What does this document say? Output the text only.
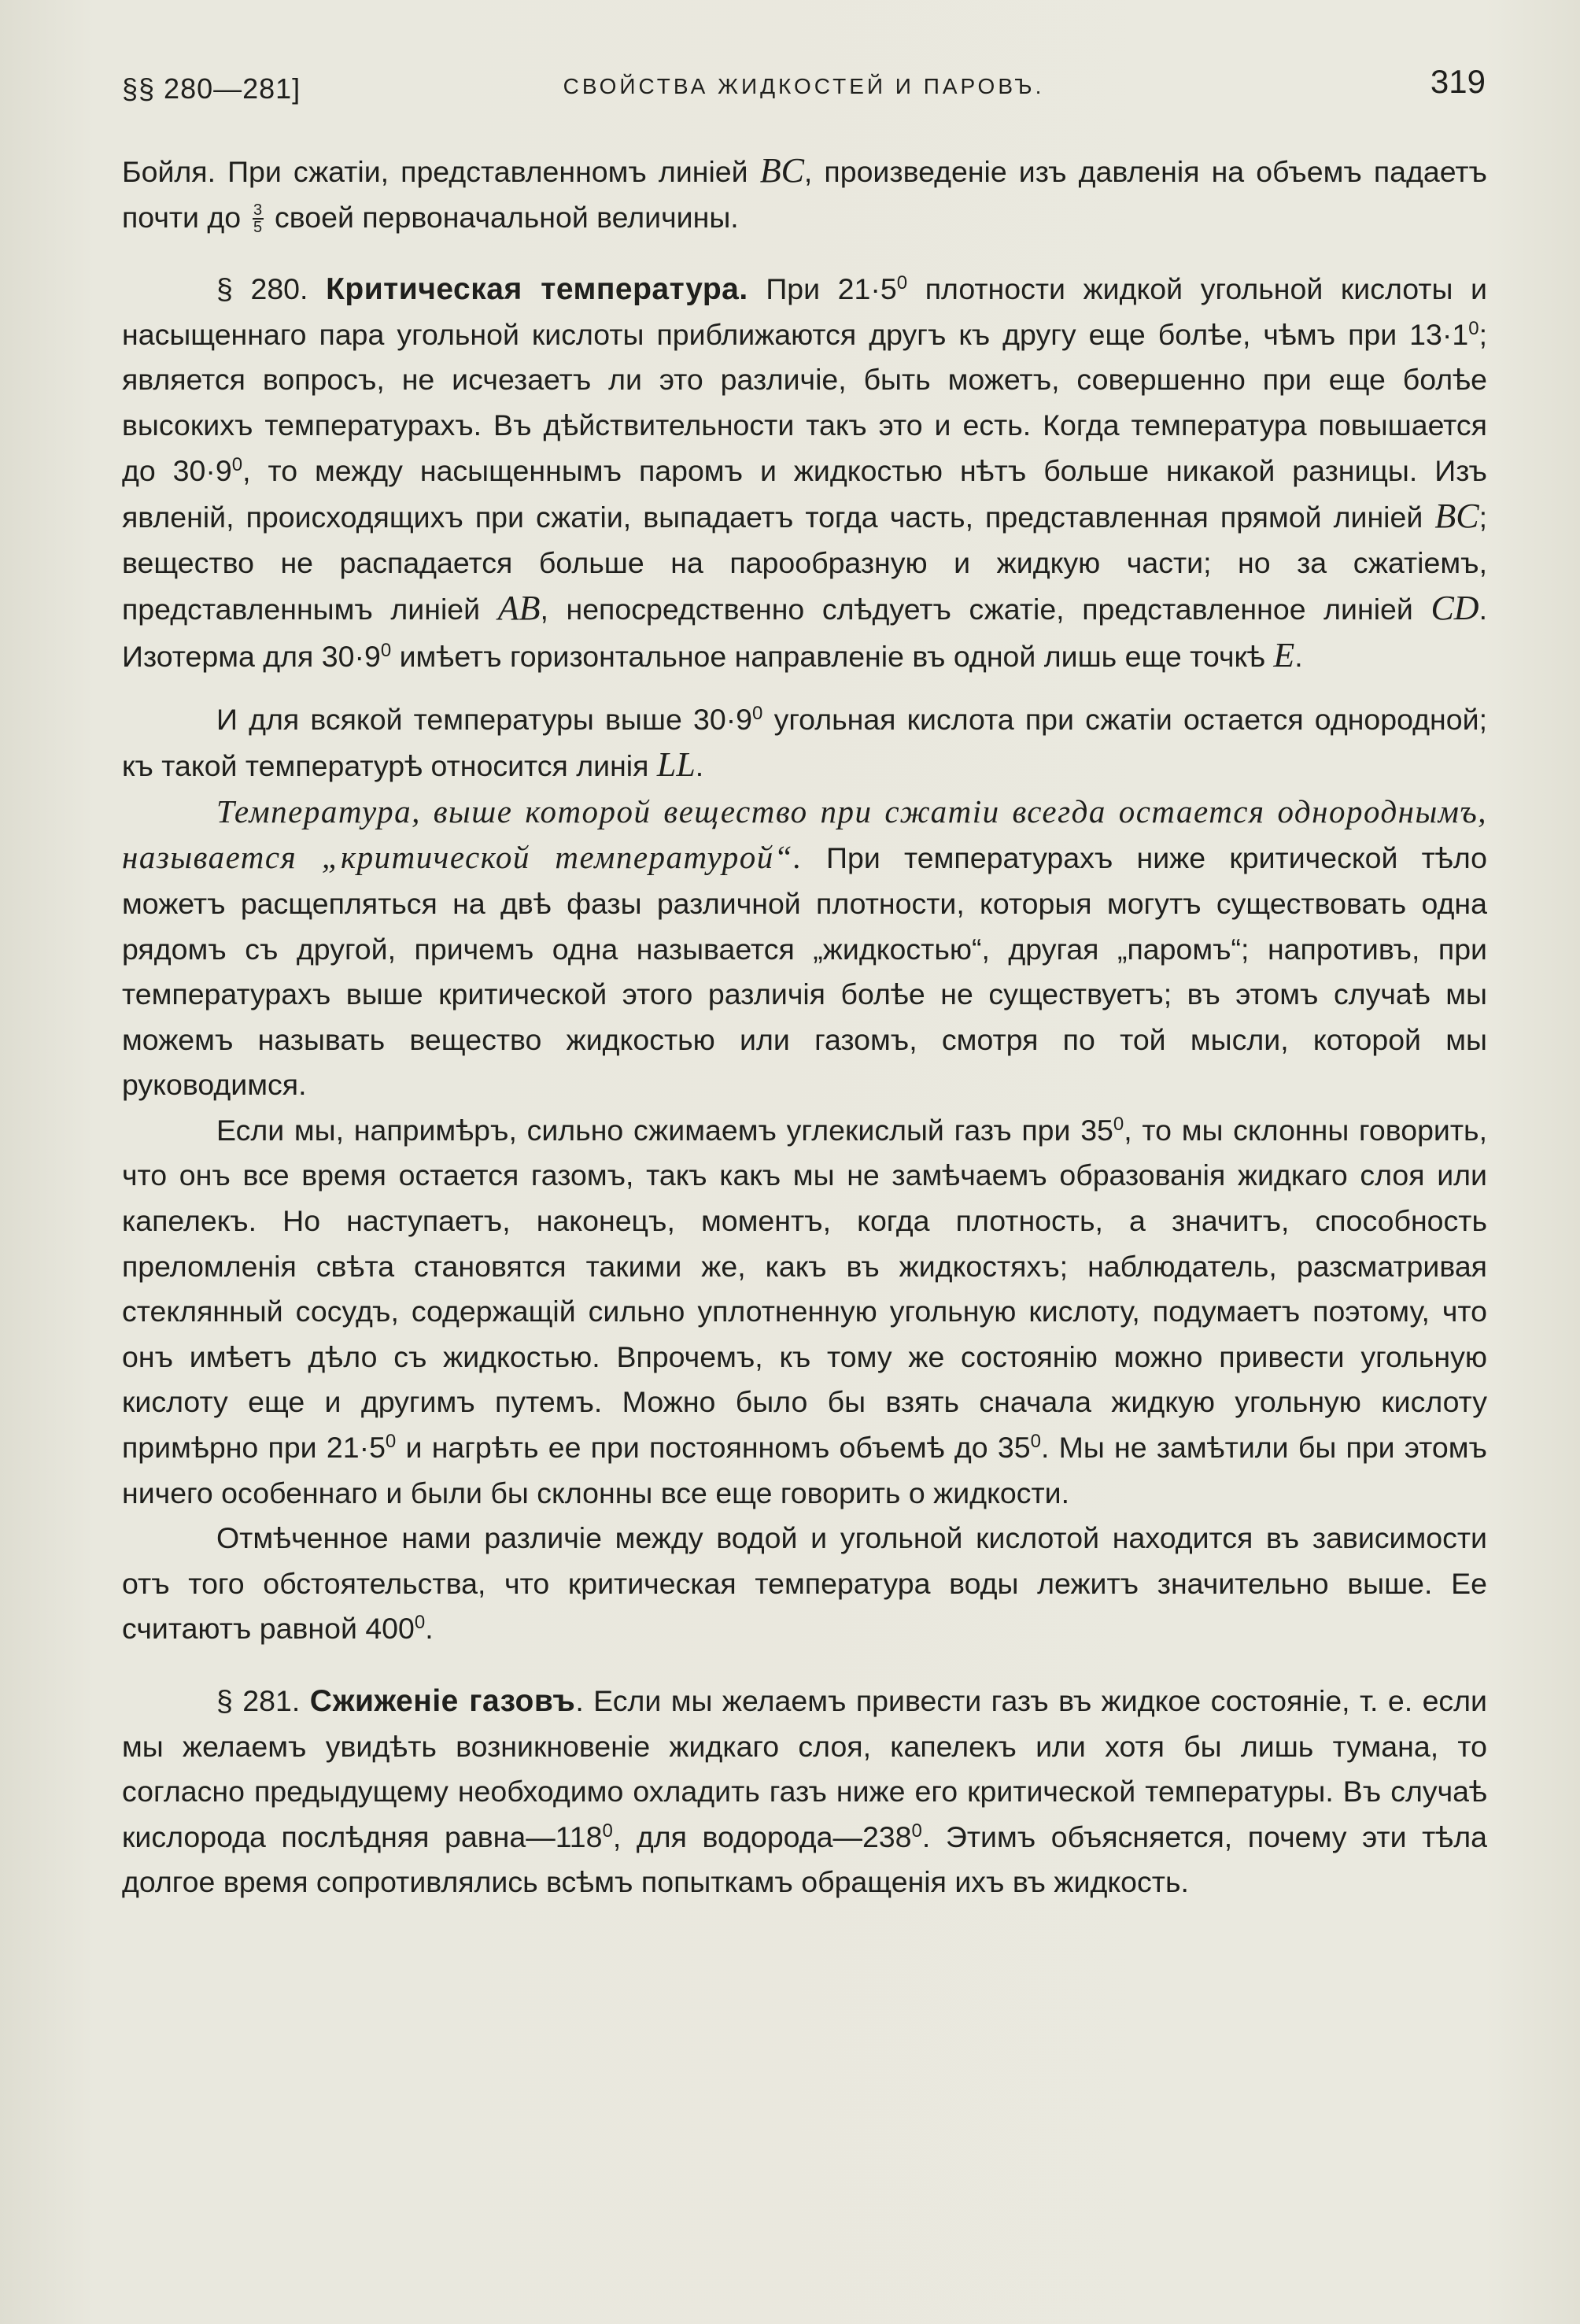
§§ 280—281]	СВОЙСТВА ЖИДКОСТЕЙ И ПАРОВЪ.	319

Бойля. При сжатіи, представленномъ линіей BC, произведеніе изъ давленія на объемъ падаетъ почти до $\frac{3}{5}$ своей первоначальной величины.

§ 280. Критическая температура. При $21\cdot 5^0$ плотности жидкой угольной кислоты и насыщеннаго пара угольной кислоты приближаются другъ къ другу еще болѣе, чѣмъ при $13\cdot 1^0$; является вопросъ, не исчезаетъ ли это различіе, быть можетъ, совершенно при еще болѣе высокихъ температурахъ. Въ дѣйствительности такъ это и есть. Когда температура повышается до $30\cdot 9^0$, то между насыщеннымъ паромъ и жидкостью нѣтъ больше никакой разницы. Изъ явленій, происходящихъ при сжатіи, выпадаетъ тогда часть, представленная прямой линіей BC; вещество не распадается больше на парообразную и жидкую части; но за сжатіемъ, представленнымъ линіей AB, непосредственно слѣдуетъ сжатіе, представленное линіей CD. Изотерма для $30\cdot 9^0$ имѣетъ горизонтальное направленіе въ одной лишь еще точкѣ E.

И для всякой температуры выше $30\cdot 9^0$ угольная кислота при сжатіи остается однородной; къ такой температурѣ относится линія LL.

Температура, выше которой вещество при сжатіи всегда остается однороднымъ, называется „критической температурой“. При температурахъ ниже критической тѣло можетъ расщепляться на двѣ фазы различной плотности, которыя могутъ существовать одна рядомъ съ другой, причемъ одна называется „жидкостью“, другая „паромъ“; напротивъ, при температурахъ выше критической этого различія болѣе не существуетъ; въ этомъ случаѣ мы можемъ называть вещество жидкостью или газомъ, смотря по той мысли, которой мы руководимся.

Если мы, напримѣръ, сильно сжимаемъ углекислый газъ при $35^0$, то мы склонны говорить, что онъ все время остается газомъ, такъ какъ мы не замѣчаемъ образованія жидкаго слоя или капелекъ. Но наступаетъ, наконецъ, моментъ, когда плотность, а значитъ, способность преломленія свѣта становятся такими же, какъ въ жидкостяхъ; наблюдатель, разсматривая стеклянный сосудъ, содержащій сильно уплотненную угольную кислоту, подумаетъ поэтому, что онъ имѣетъ дѣло съ жидкостью. Впрочемъ, къ тому же состоянію можно привести угольную кислоту еще и другимъ путемъ. Можно было бы взять сначала жидкую угольную кислоту примѣрно при $21\cdot 5^0$ и нагрѣть ее при постоянномъ объемѣ до $35^0$. Мы не замѣтили бы при этомъ ничего особеннаго и были бы склонны все еще говорить о жидкости.

Отмѣченное нами различіе между водой и угольной кислотой находится въ зависимости отъ того обстоятельства, что критическая температура воды лежитъ значительно выше. Ее считаютъ равной $400^0$.

§ 281. Сжиженіе газовъ. Если мы желаемъ привести газъ въ жидкое состояніе, т. е. если мы желаемъ увидѣть возникновеніе жидкаго слоя, капелекъ или хотя бы лишь тумана, то согласно предыдущему необходимо охладить газъ ниже его критической температуры. Въ случаѣ кислорода послѣдняя $равна—118^0$, для $водорода—238^0$. Этимъ объясняется, почему эти тѣла долгое время сопротивлялись всѣмъ попыткамъ обращенія ихъ въ жидкость.
